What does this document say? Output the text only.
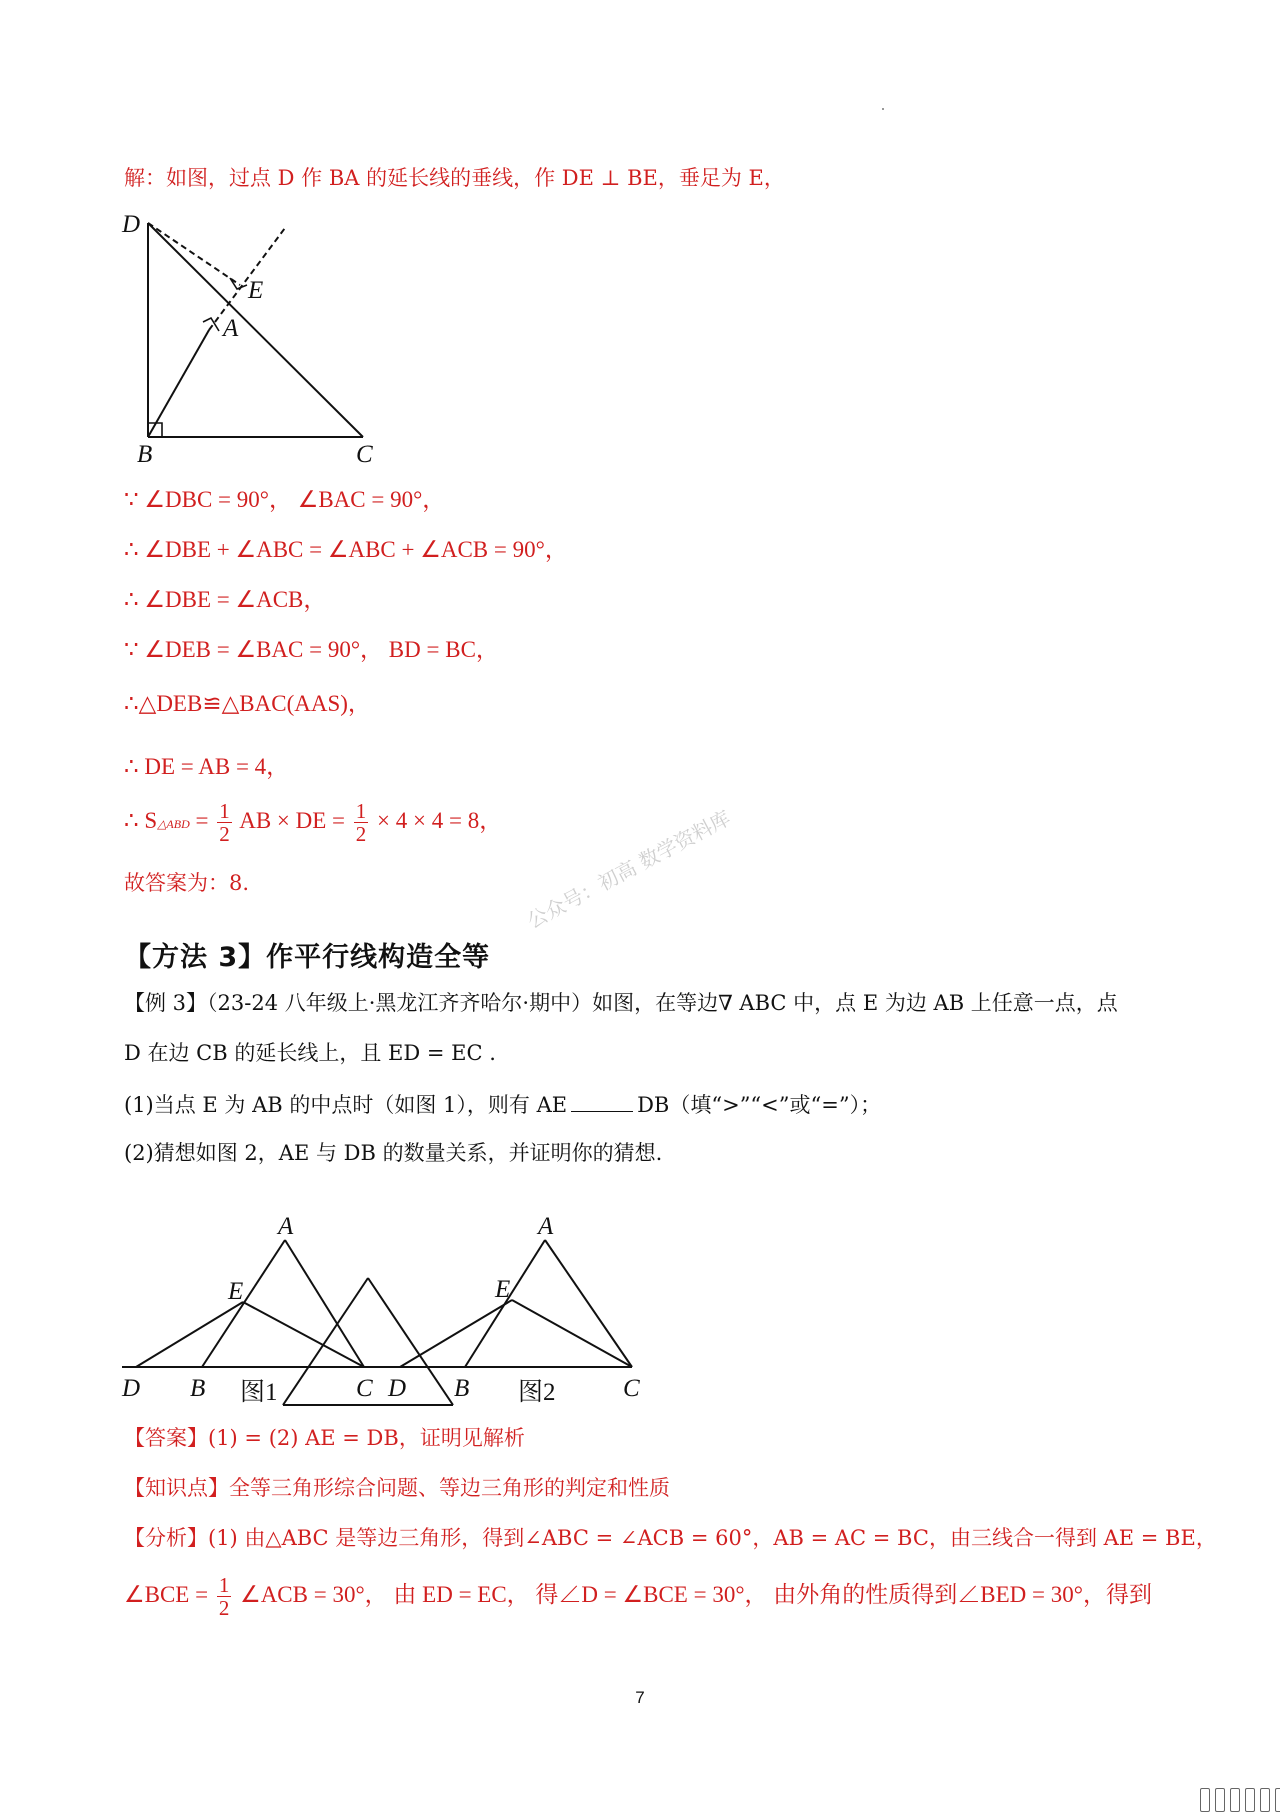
解：如图，过点 D 作 BA 的延长线的垂线，作 DE ⊥ BE，垂足为 E，
D
E
A
B	C
∵ ∠DBC = 90°， ∠BAC = 90°，
∴ ∠DBE + ∠ABC = ∠ABC + ∠ACB = 90°，
∴ ∠DBE = ∠ACB，
∵ ∠DEB = ∠BAC = 90°， BD = BC，
∴△DEB≌△BAC(AAS)，
∴ DE = AB = 4，
∴ S△ABD = $\frac{1}{2}$ AB × DE = $\frac{1}{2} \times 4 \times 4 = 8$，
故答案为：8.
【方法 3】作平行线构造全等
公众号：初高 数学资料库
【例 3】（23-24 八年级上·黑龙江齐齐哈尔·期中）如图，在等边∇ ABC 中，点 E 为边 AB 上任意一点，点
D 在边 CB 的延长线上，且 ED = EC .
(1)当点 E 为 AB 的中点时（如图 1），则有 AE	DB（填“>”“<”或“=”）；
(2)猜想如图 2，AE 与 DB 的数量关系，并证明你的猜想.
A
E
D B	C
图1
A
E
D B	C
图2
【答案】(1) = (2) AE = DB，证明见解析
【知识点】全等三角形综合问题、等边三角形的判定和性质
【分析】(1) 由△ABC 是等边三角形，得到∠ABC = ∠ACB = 60°，AB = AC = BC，由三线合一得到 AE = BE，
∠BCE = $\frac{1}{2}$ ∠ACB = 30°， 由 ED = EC， 得∠D = ∠BCE = 30°， 由外角的性质得到∠BED = 30°，得到
7
